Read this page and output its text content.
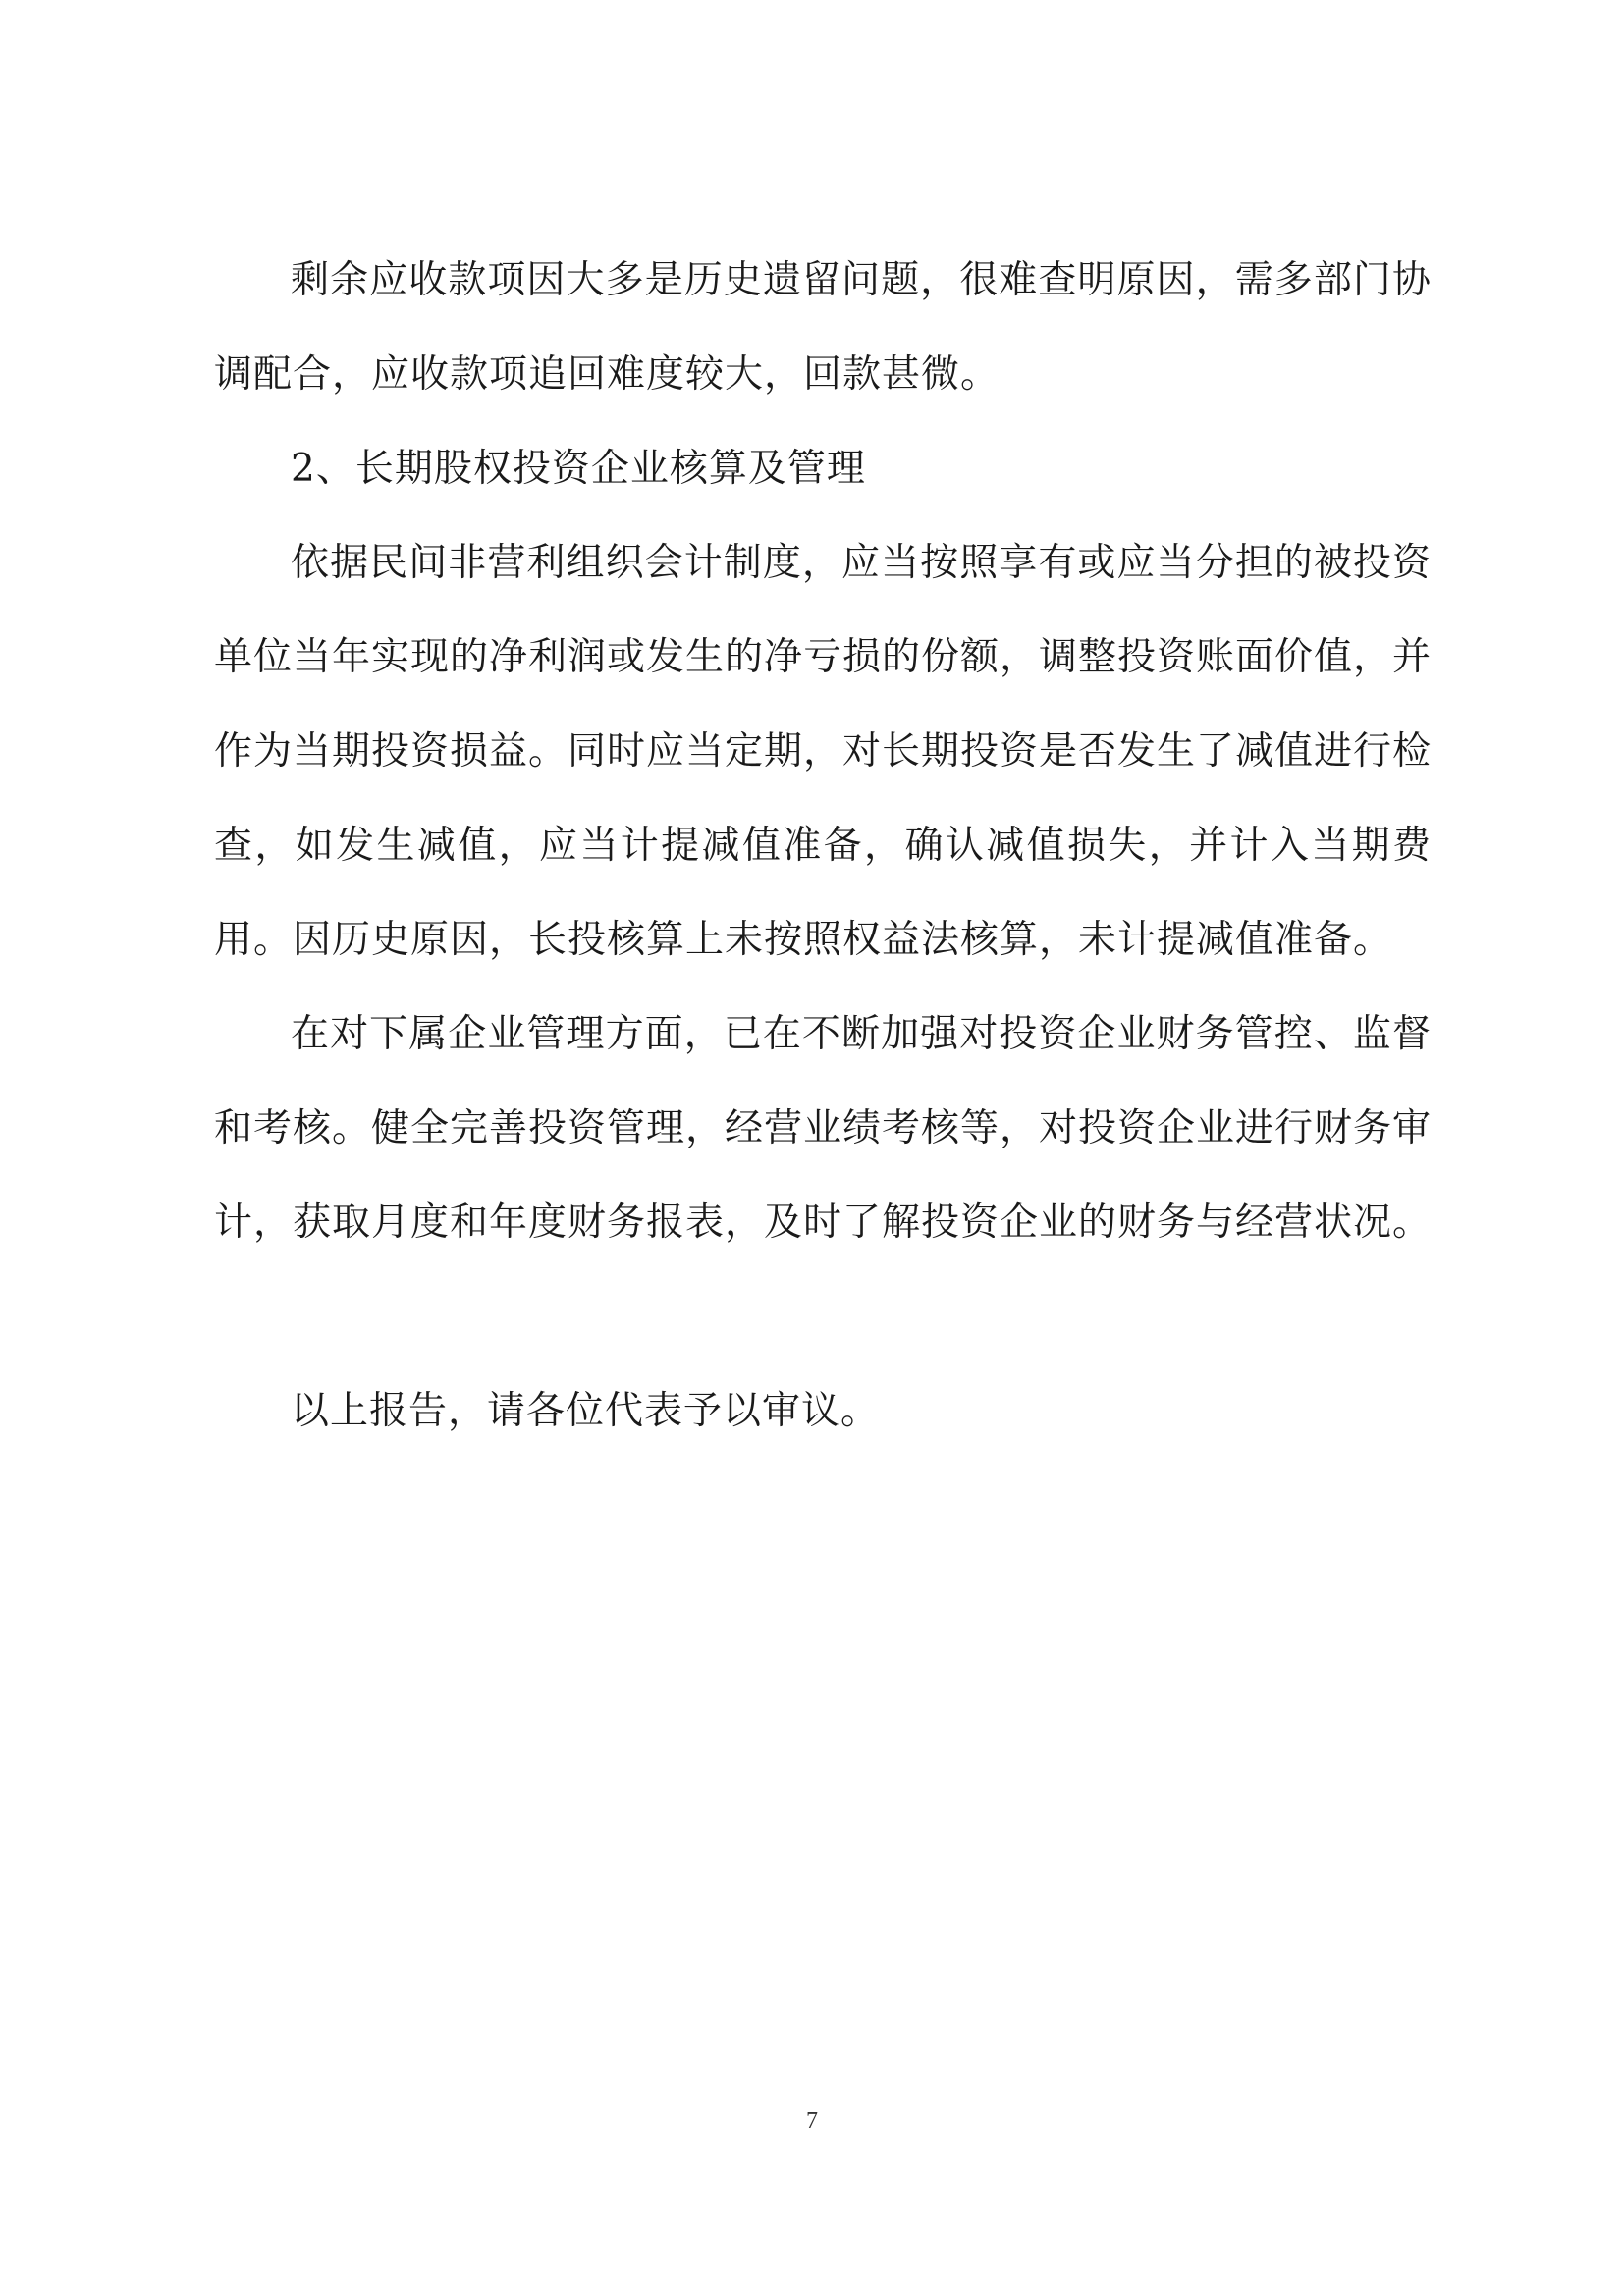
剩余应收款项因大多是历史遗留问题，很难查明原因，需多部门协调配合，应收款项追回难度较大，回款甚微。

2、长期股权投资企业核算及管理

依据民间非营利组织会计制度，应当按照享有或应当分担的被投资单位当年实现的净利润或发生的净亏损的份额，调整投资账面价值，并作为当期投资损益。同时应当定期，对长期投资是否发生了减值进行检查，如发生减值，应当计提减值准备，确认减值损失，并计入当期费用。因历史原因，长投核算上未按照权益法核算，未计提减值准备。

在对下属企业管理方面，已在不断加强对投资企业财务管控、监督和考核。健全完善投资管理，经营业绩考核等，对投资企业进行财务审计，获取月度和年度财务报表，及时了解投资企业的财务与经营状况。

以上报告，请各位代表予以审议。

7
